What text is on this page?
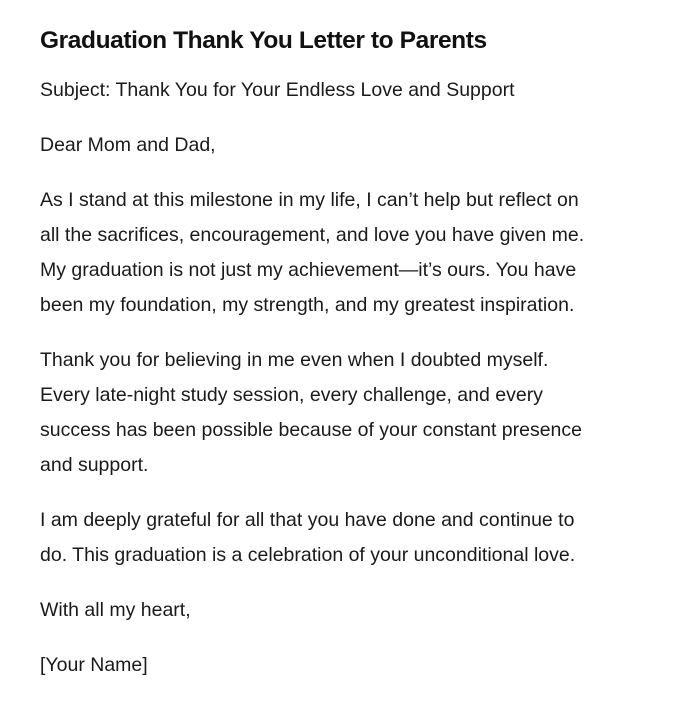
Graduation Thank You Letter to Parents

Subject: Thank You for Your Endless Love and Support

Dear Mom and Dad,

As I stand at this milestone in my life, I can’t help but reflect on
all the sacrifices, encouragement, and love you have given me.
My graduation is not just my achievement—it’s ours. You have
been my foundation, my strength, and my greatest inspiration.

Thank you for believing in me even when I doubted myself.
Every late-night study session, every challenge, and every
success has been possible because of your constant presence
and support.

I am deeply grateful for all that you have done and continue to
do. This graduation is a celebration of your unconditional love.

With all my heart,

[Your Name]
